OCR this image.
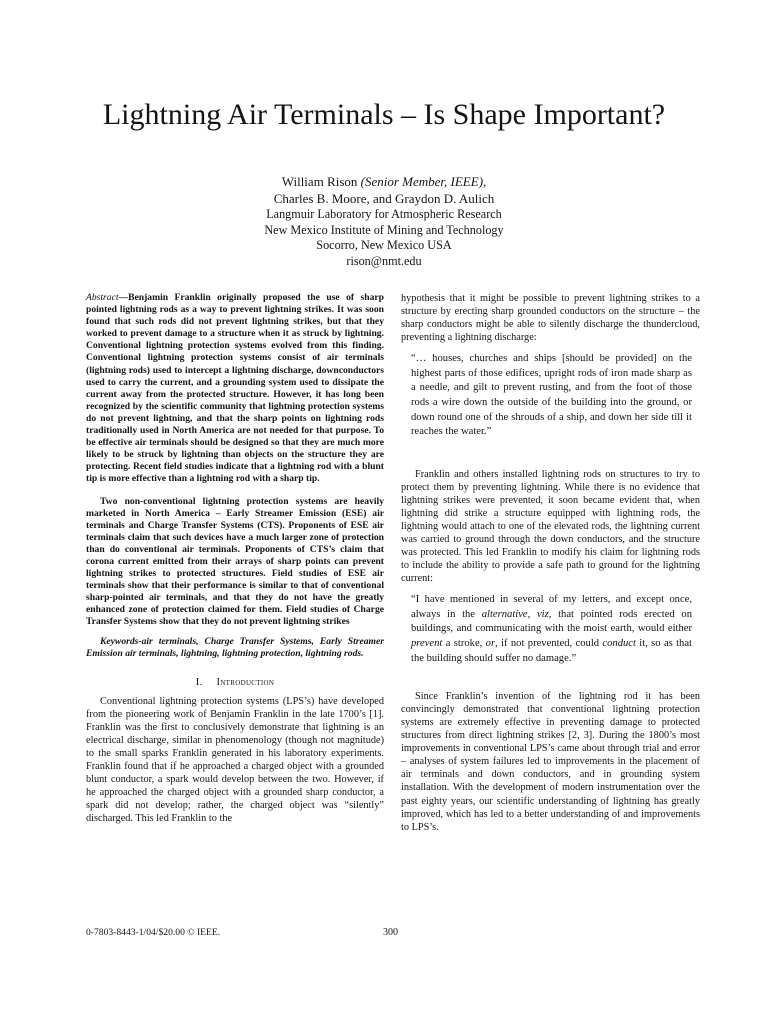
Lightning Air Terminals – Is Shape Important?
William Rison (Senior Member, IEEE),
Charles B. Moore, and Graydon D. Aulich
Langmuir Laboratory for Atmospheric Research
New Mexico Institute of Mining and Technology
Socorro, New Mexico USA
rison@nmt.edu

Abstract—Benjamin Franklin originally proposed the use of sharp pointed lightning rods as a way to prevent lightning strikes. It was soon found that such rods did not prevent lightning strikes, but that they worked to prevent damage to a structure when it as struck by lightning. Conventional lightning protection systems evolved from this finding. Conventional lightning protection systems consist of air terminals (lightning rods) used to intercept a lightning discharge, downconductors used to carry the current, and a grounding system used to dissipate the current away from the protected structure. However, it has long been recognized by the scientific community that lightning protection systems do not prevent lightning, and that the sharp points on lightning rods traditionally used in North America are not needed for that purpose. To be effective air terminals should be designed so that they are much more likely to be struck by lightning than objects on the structure they are protecting. Recent field studies indicate that a lightning rod with a blunt tip is more effective than a lightning rod with a sharp tip.

Two non-conventional lightning protection systems are heavily marketed in North America – Early Streamer Emission (ESE) air terminals and Charge Transfer Systems (CTS). Proponents of ESE air terminals claim that such devices have a much larger zone of protection than do conventional air terminals. Proponents of CTS’s claim that corona current emitted from their arrays of sharp points can prevent lightning strikes to protected structures. Field studies of ESE air terminals show that their performance is similar to that of conventional sharp-pointed air terminals, and that they do not have the greatly enhanced zone of protection claimed for them. Field studies of Charge Transfer Systems show that they do not prevent lightning strikes

Keywords-air terminals, Charge Transfer Systems, Early Streamer Emission air terminals, lightning, lightning protection, lightning rods.

I. Introduction

Conventional lightning protection systems (LPS’s) have developed from the pioneering work of Benjamin Franklin in the late 1700’s [1]. Franklin was the first to conclusively demonstrate that lightning is an electrical discharge, similar in phenomenology (though not magnitude) to the small sparks Franklin generated in his laboratory experiments. Franklin found that if he approached a charged object with a grounded blunt conductor, a spark would develop between the two. However, if he approached the charged object with a grounded sharp conductor, a spark did not develop; rather, the charged object was “silently” discharged. This led Franklin to the

hypothesis that it might be possible to prevent lightning strikes to a structure by erecting sharp grounded conductors on the structure – the sharp conductors might be able to silently discharge the thundercloud, preventing a lightning discharge:

“… houses, churches and ships [should be provided] on the highest parts of those edifices, upright rods of iron made sharp as a needle, and gilt to prevent rusting, and from the foot of those rods a wire down the outside of the building into the ground, or down round one of the shrouds of a ship, and down her side till it reaches the water.”

Franklin and others installed lightning rods on structures to try to protect them by preventing lightning. While there is no evidence that lightning strikes were prevented, it soon became evident that, when lightning did strike a structure equipped with lightning rods, the lightning would attach to one of the elevated rods, the lightning current was carried to ground through the down conductors, and the structure was protected. This led Franklin to modify his claim for lightning rods to include the ability to provide a safe path to ground for the lightning current:

“I have mentioned in several of my letters, and except once, always in the alternative, viz, that pointed rods erected on buildings, and communicating with the moist earth, would either prevent a stroke, or, if not prevented, could conduct it, so as that the building should suffer no damage.”

Since Franklin’s invention of the lightning rod it has been convincingly demonstrated that conventional lightning protection systems are extremely effective in preventing damage to protected structures from direct lightning strikes [2, 3]. During the 1800’s most improvements in conventional LPS’s came about through trial and error – analyses of system failures led to improvements in the placement of air terminals and down conductors, and in grounding system installation. With the development of modern instrumentation over the past eighty years, our scientific understanding of lightning has greatly improved, which has led to a better understanding of and improvements to LPS’s.

0-7803-8443-1/04/$20.00 © IEEE.	300
